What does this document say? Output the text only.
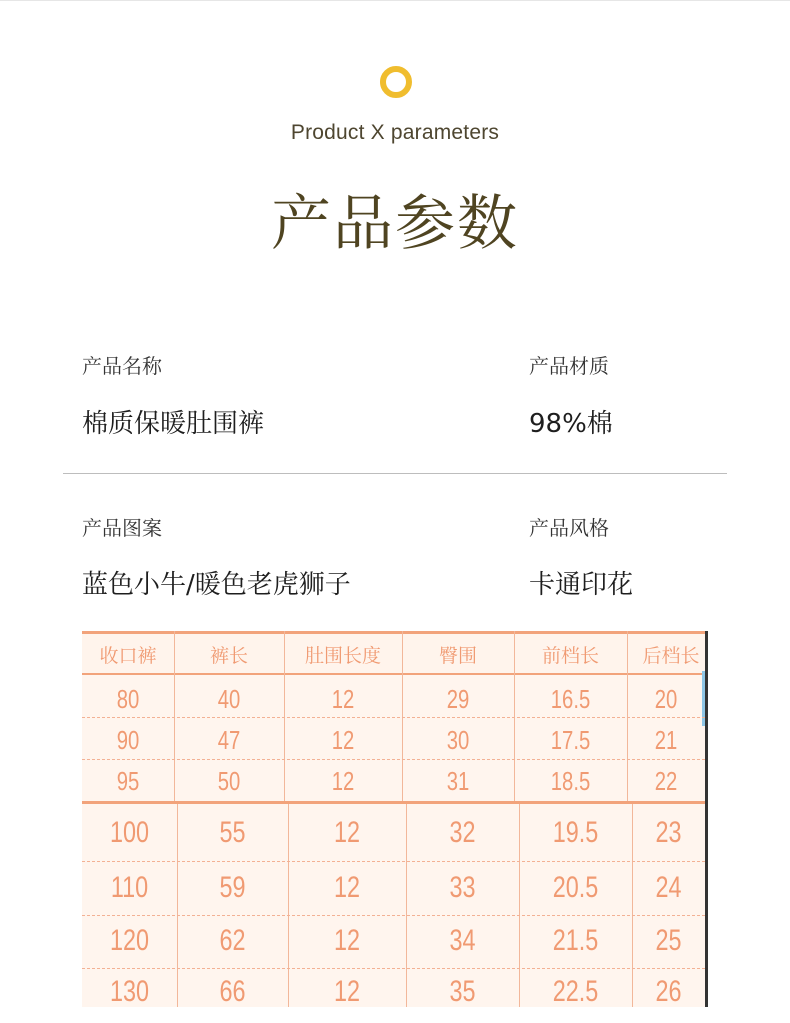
Product X parameters
产品参数
产品名称
棉质保暖肚围裤
产品材质
98%棉
产品图案
蓝色小牛/暖色老虎狮子
产品风格
卡通印花
收口裤	裤长	肚围长度	臀围	前档长	后档长
80	40	12	29	16.5	20
90	47	12	30	17.5	21
95	50	12	31	18.5	22
100	55	12	32	19.5	23
110	59	12	33	20.5	24
120	62	12	34	21.5	25
130	66	12	35	22.5	26
